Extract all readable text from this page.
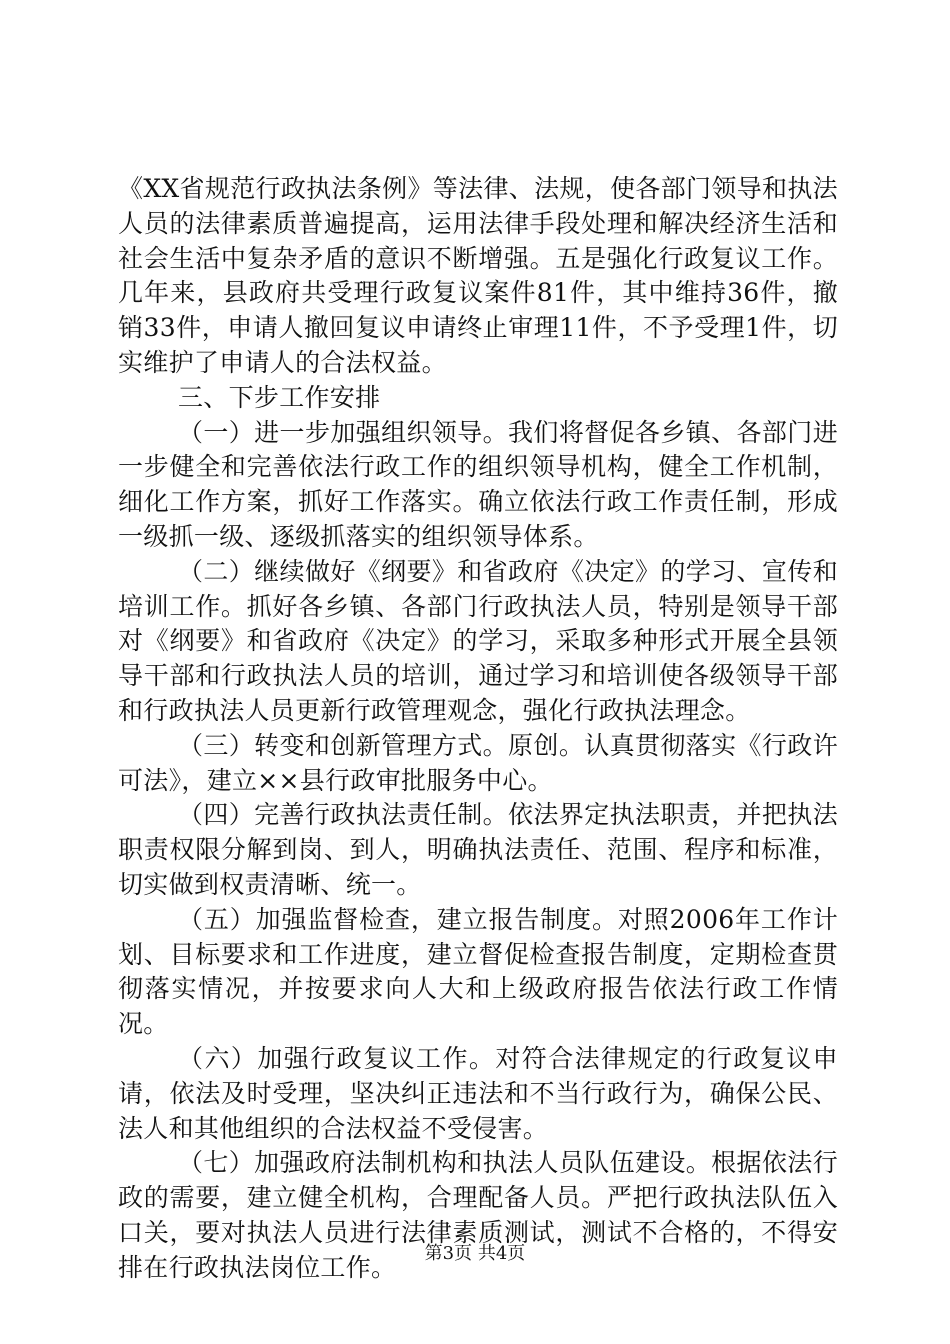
《XX省规范行政执法条例》等法律、法规，使各部门领导和执法人员的法律素质普遍提高，运用法律手段处理和解决经济生活和社会生活中复杂矛盾的意识不断增强。五是强化行政复议工作。几年来，县政府共受理行政复议案件81件，其中维持36件，撤销33件，申请人撤回复议申请终止审理11件，不予受理1件，切实维护了申请人的合法权益。

三、下步工作安排

（一）进一步加强组织领导。我们将督促各乡镇、各部门进一步健全和完善依法行政工作的组织领导机构，健全工作机制，细化工作方案，抓好工作落实。确立依法行政工作责任制，形成一级抓一级、逐级抓落实的组织领导体系。

（二）继续做好《纲要》和省政府《决定》的学习、宣传和培训工作。抓好各乡镇、各部门行政执法人员，特别是领导干部对《纲要》和省政府《决定》的学习，采取多种形式开展全县领导干部和行政执法人员的培训，通过学习和培训使各级领导干部和行政执法人员更新行政管理观念，强化行政执法理念。

（三）转变和创新管理方式。原创。认真贯彻落实《行政许可法》，建立××县行政审批服务中心。

（四）完善行政执法责任制。依法界定执法职责，并把执法职责权限分解到岗、到人，明确执法责任、范围、程序和标准，切实做到权责清晰、统一。

（五）加强监督检查，建立报告制度。对照2006年工作计划、目标要求和工作进度，建立督促检查报告制度，定期检查贯彻落实情况，并按要求向人大和上级政府报告依法行政工作情况。

（六）加强行政复议工作。对符合法律规定的行政复议申请，依法及时受理，坚决纠正违法和不当行政行为，确保公民、法人和其他组织的合法权益不受侵害。

（七）加强政府法制机构和执法人员队伍建设。根据依法行政的需要，建立健全机构，合理配备人员。严把行政执法队伍入口关，要对执法人员进行法律素质测试，测试不合格的，不得安排在行政执法岗位工作。	第3页 共4页
